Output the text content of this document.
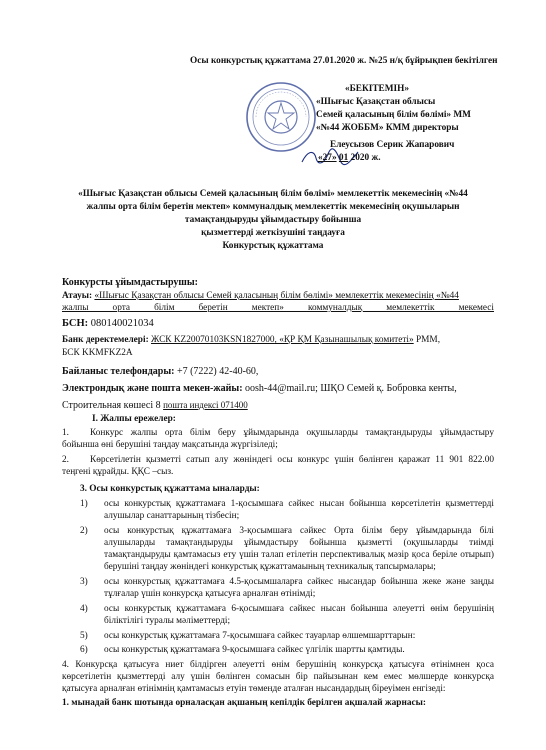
Осы конкурстық құжаттама 27.01.2020 ж. №25 н/қ бұйрықпен бекітілген
«БЕКІТЕМІН»
«Шығыс Қазақстан облысы
Семей қаласының білім бөлімі» ММ
«№44 ЖОББМ» КММ директоры
Елеусызов Серик Жапарович
«27» 01 2020 ж.
«Шығыс Қазақстан облысы Семей қаласының білім бөлімі» мемлекеттік мекемесінің «№44
жалпы орта білім беретін мектеп» коммуналдық мемлекеттік мекемесінің оқушыларын
тамақтандыруды ұйымдастыру бойынша
қызметтерді жеткізушіні таңдауға
Конкурстық құжаттама
Конкурсты ұйымдастырушы:
Атауы: «Шығыс Қазақстан облысы Семей қаласының білім бөлімі» мемлекеттік мекемесінің «№44
жалпы орта білім беретін мектеп» коммуналдық мемлекеттік мекемесі
БСН: 080140021034
Банк деректемелері: ЖСК KZ20070103KSN1827000, «ҚР ҚМ Қазынашылық комитеті» РММ,
БСК KKMFKZ2A
Байланыс телефондары: +7 (7222) 42-40-60,
Электрондық және пошта мекен-жайы: oosh-44@mail.ru; ШҚО Семей қ. Бобровка кенты,
Строительная көшесі 8 пошта индексі 071400
I. Жалпы ережелер:
1. Конкурс жалпы орта білім беру ұйымдарында оқушыларды тамақтандыруды ұйымдастыру
бойынша өні берушіні таңдау мақсатында жүргізіледі;
2. Көрсетілетін қызметті сатып алу жөніндегі осы конкурс үшін бөлінген қаражат 11 901 822.00
теңгені құрайды. ҚҚС –сыз.
3. Осы конкурстық құжаттама ыналарды:
1) осы конкурстық құжаттамаға 1-қосымшаға сәйкес нысан бойынша көрсетілетін қызметтерді
алушылар санаттарының тізбесін;
2) осы конкурстық құжаттамаға 3-қосымшаға сәйкес Орта білім беру ұйымдарында білі
алушыларды тамақтандыруды ұйымдастыру бойынша қызметті (оқушыларды тиімді
тамақтандыруды қамтамасыз ету үшін талап етілетін перспективалық мәзір қоса беріле отырып)
берушіні таңдау жөніндегі конкурстық құжаттамаының техникалық тапсырмалары;
3) осы конкурстық құжаттамаға 4.5-қосымшаларға сәйкес нысандар бойынша жеке және заңды
тұлғалар үшін конкурсқа қатысуға арналған өтінімді;
4) осы конкурстық құжаттамаға 6-қосымшаға сәйкес нысан бойынша әлеуетті өнім берушінің
біліктілігі туралы мәліметтерді;
5) осы конкурстық құжаттамаға 7-қосымшаға сәйкес тауарлар өлшемшарттарын:
6) осы конкурстық құжаттамаға 9-қосымшаға сәйкес үлгілік шартты қамтиды.
4. Конкурсқа қатысуға ниет білдірген әлеуетті өнім берушінің конкурсқа қатысуға өтінімнен қоса
көрсетілетін қызметтерді алу үшін бөлінген сомасын бір пайызынан кем емес мөлшерде конкурсқа
қатысуға арналған өтінімнің қамтамасыз етуін төменде аталған нысандардың біреуімен енгізеді:
1. мынадай банк шотында орналасқан ақшаның кепілдік берілген ақшалай жарнасы:
